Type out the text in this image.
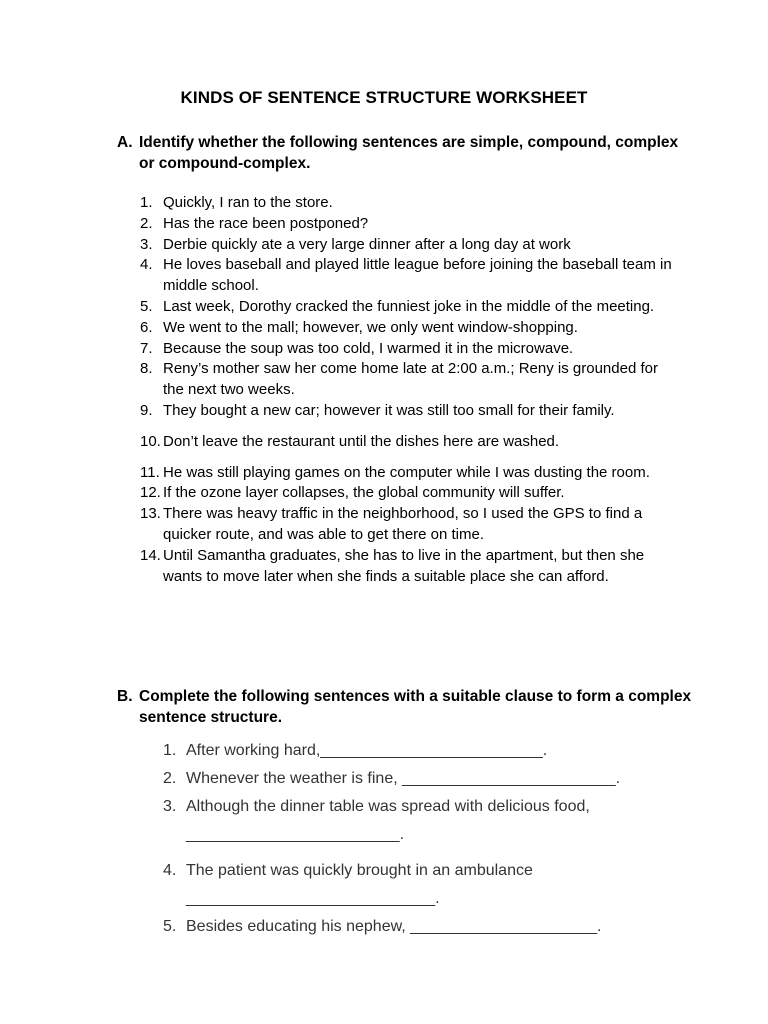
KINDS OF SENTENCE STRUCTURE WORKSHEET
A. Identify whether the following sentences are simple, compound, complex or compound-complex.
1. Quickly, I ran to the store.
2. Has the race been postponed?
3. Derbie quickly ate a very large dinner after a long day at work
4. He loves baseball and played little league before joining the baseball team in middle school.
5. Last week, Dorothy cracked the funniest joke in the middle of the meeting.
6. We went to the mall; however, we only went window-shopping.
7. Because the soup was too cold, I warmed it in the microwave.
8. Reny’s mother saw her come home late at 2:00 a.m.; Reny is grounded for the next two weeks.
9. They bought a new car; however it was still too small for their family.
10. Don’t leave the restaurant until the dishes here are washed.
11. He was still playing games on the computer while I was dusting the room.
12. If the ozone layer collapses, the global community will suffer.
13. There was heavy traffic in the neighborhood, so I used the GPS to find a quicker route, and was able to get there on time.
14. Until Samantha graduates, she has to live in the apartment, but then she wants to move later when she finds a suitable place she can afford.
B. Complete the following sentences with a suitable clause to form a complex sentence structure.
1. After working hard,_________________________.
2. Whenever the weather is fine, ________________________.
3. Although the dinner table was spread with delicious food, ________________________.
4. The patient was quickly brought in an ambulance ____________________________.
5. Besides educating his nephew, _____________________.
